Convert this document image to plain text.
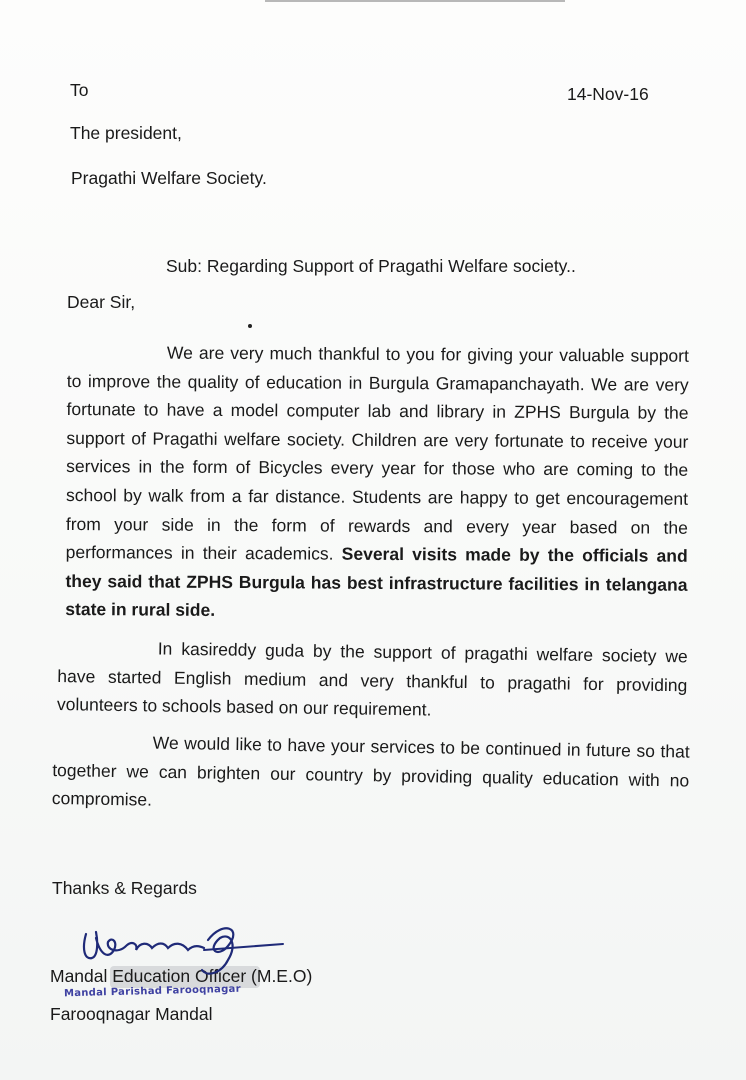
To	14-Nov-16
The president,
Pragathi Welfare Society.
Sub: Regarding Support of Pragathi Welfare society..
Dear Sir,
We are very much thankful to you for giving your valuable support to improve the quality of education in Burgula Gramapanchayath. We are very fortunate to have a model computer lab and library in ZPHS Burgula by the support of Pragathi welfare society. Children are very fortunate to receive your services in the form of Bicycles every year for those who are coming to the school by walk from a far distance. Students are happy to get encouragement from your side in the form of rewards and every year based on the performances in their academics. Several visits made by the officials and they said that ZPHS Burgula has best infrastructure facilities in telangana state in rural side.
In kasireddy guda by the support of pragathi welfare society we have started English medium and very thankful to pragathi for providing volunteers to schools based on our requirement.
We would like to have your services to be continued in future so that together we can brighten our country by providing quality education with no compromise.
Thanks & Regards
Mandal Education Officer (M.E.O)
Mandal Parishad Farooqnagar
Farooqnagar Mandal
